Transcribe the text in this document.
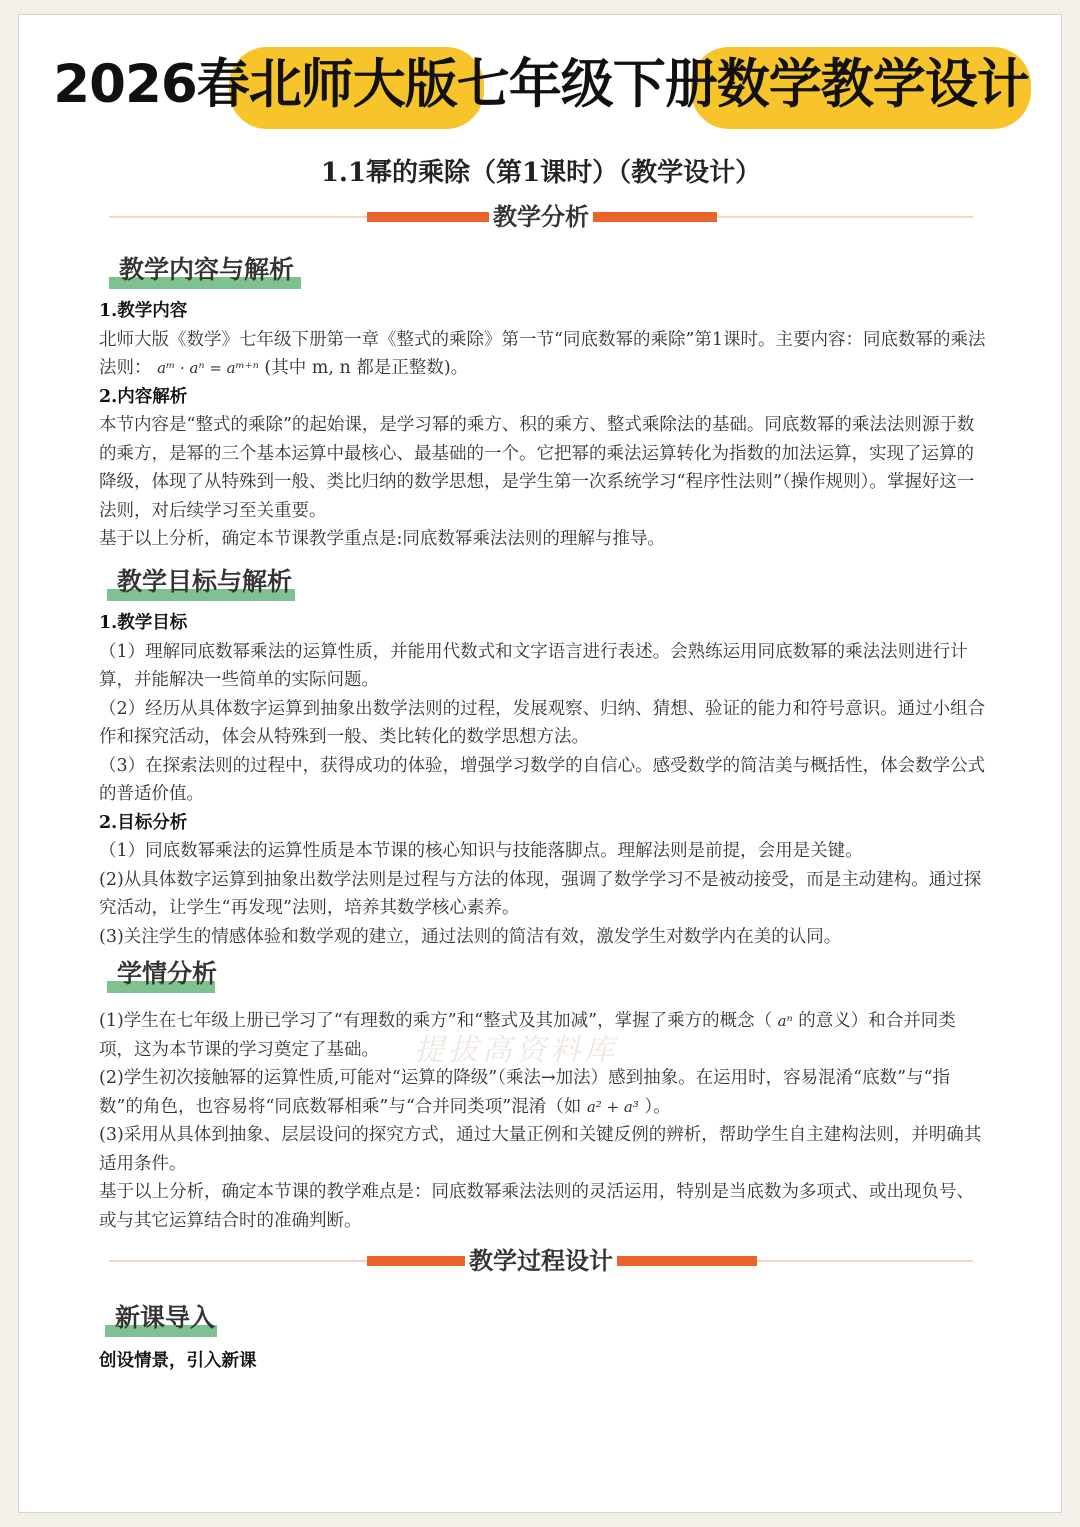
2026春北师大版七年级下册数学教学设计
1.1幂的乘除（第1课时）（教学设计）
教学分析
教学内容与解析

1.教学内容

北师大版《数学》七年级下册第一章《整式的乘除》第一节“同底数幂的乘除”第1课时。主要内容：同底数幂的乘法法则： aᵐ · aⁿ = aᵐ⁺ⁿ (其中 m, n 都是正整数)。

2.内容解析

本节内容是“整式的乘除”的起始课，是学习幂的乘方、积的乘方、整式乘除法的基础。同底数幂的乘法法则源于数的乘方，是幂的三个基本运算中最核心、最基础的一个。它把幂的乘法运算转化为指数的加法运算，实现了运算的降级，体现了从特殊到一般、类比归纳的数学思想，是学生第一次系统学习“程序性法则”（操作规则）。掌握好这一法则，对后续学习至关重要。

基于以上分析，确定本节课教学重点是:同底数幂乘法法则的理解与推导。

教学目标与解析

1.教学目标

（1）理解同底数幂乘法的运算性质，并能用代数式和文字语言进行表述。会熟练运用同底数幂的乘法法则进行计算，并能解决一些简单的实际问题。

（2）经历从具体数字运算到抽象出数学法则的过程，发展观察、归纳、猜想、验证的能力和符号意识。通过小组合作和探究活动，体会从特殊到一般、类比转化的数学思想方法。

（3）在探索法则的过程中，获得成功的体验，增强学习数学的自信心。感受数学的简洁美与概括性，体会数学公式的普适价值。

2.目标分析

（1）同底数幂乘法的运算性质是本节课的核心知识与技能落脚点。理解法则是前提，会用是关键。

(2)从具体数字运算到抽象出数学法则是过程与方法的体现，强调了数学学习不是被动接受，而是主动建构。通过探究活动，让学生“再发现”法则，培养其数学核心素养。

(3)关注学生的情感体验和数学观的建立，通过法则的简洁有效，激发学生对数学内在美的认同。

学情分析
提拔高资料库

(1)学生在七年级上册已学习了“有理数的乘方”和“整式及其加减”，掌握了乘方的概念（ aⁿ 的意义）和合并同类项，这为本节课的学习奠定了基础。

(2)学生初次接触幂的运算性质,可能对“运算的降级”（乘法→加法）感到抽象。在运用时，容易混淆“底数”与“指数”的角色，也容易将“同底数幂相乘”与“合并同类项”混淆（如 a² + a³ ）。

(3)采用从具体到抽象、层层设问的探究方式，通过大量正例和关键反例的辨析，帮助学生自主建构法则，并明确其适用条件。

基于以上分析，确定本节课的教学难点是：同底数幂乘法法则的灵活运用，特别是当底数为多项式、或出现负号、或与其它运算结合时的准确判断。

教学过程设计
新课导入

创设情景，引入新课
